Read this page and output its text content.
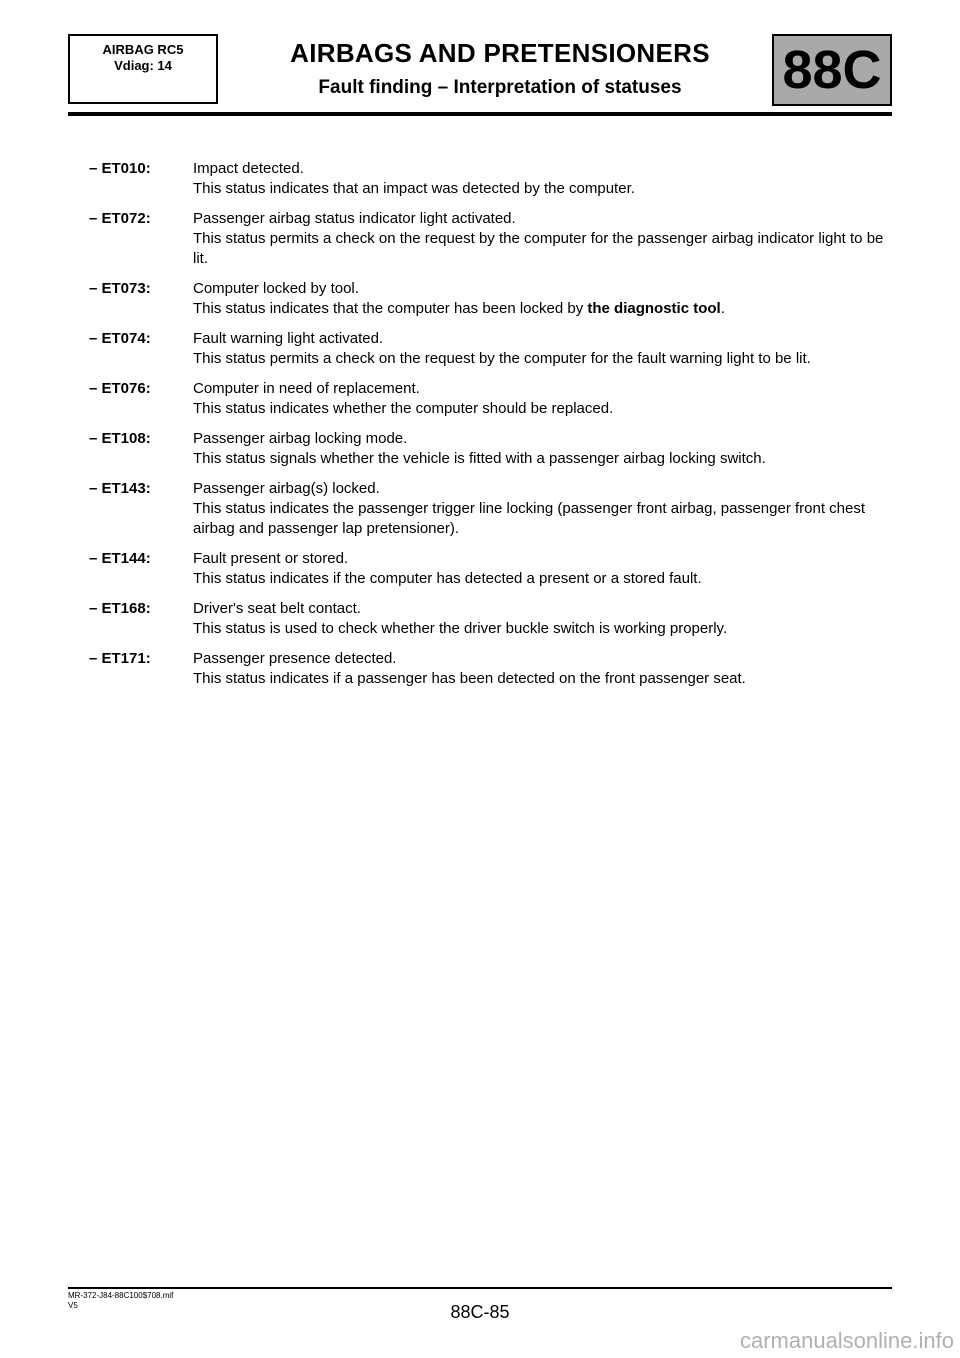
AIRBAG RC5
Vdiag: 14	AIRBAGS AND PRETENSIONERS
Fault finding – Interpretation of statuses	88C
– ET010:	Impact detected.
This status indicates that an impact was detected by the computer.
– ET072:	Passenger airbag status indicator light activated.
This status permits a check on the request by the computer for the passenger airbag indicator light to be lit.
– ET073:	Computer locked by tool.
This status indicates that the computer has been locked by the diagnostic tool.
– ET074:	Fault warning light activated.
This status permits a check on the request by the computer for the fault warning light to be lit.
– ET076:	Computer in need of replacement.
This status indicates whether the computer should be replaced.
– ET108:	Passenger airbag locking mode.
This status signals whether the vehicle is fitted with a passenger airbag locking switch.
– ET143:	Passenger airbag(s) locked.
This status indicates the passenger trigger line locking (passenger front airbag, passenger front chest airbag and passenger lap pretensioner).
– ET144:	Fault present or stored.
This status indicates if the computer has detected a present or a stored fault.
– ET168:	Driver's seat belt contact.
This status is used to check whether the driver buckle switch is working properly.
– ET171:	Passenger presence detected.
This status indicates if a passenger has been detected on the front passenger seat.
MR-372-J84-88C100$708.mif
V5	88C-85
carmanualsonline.info
